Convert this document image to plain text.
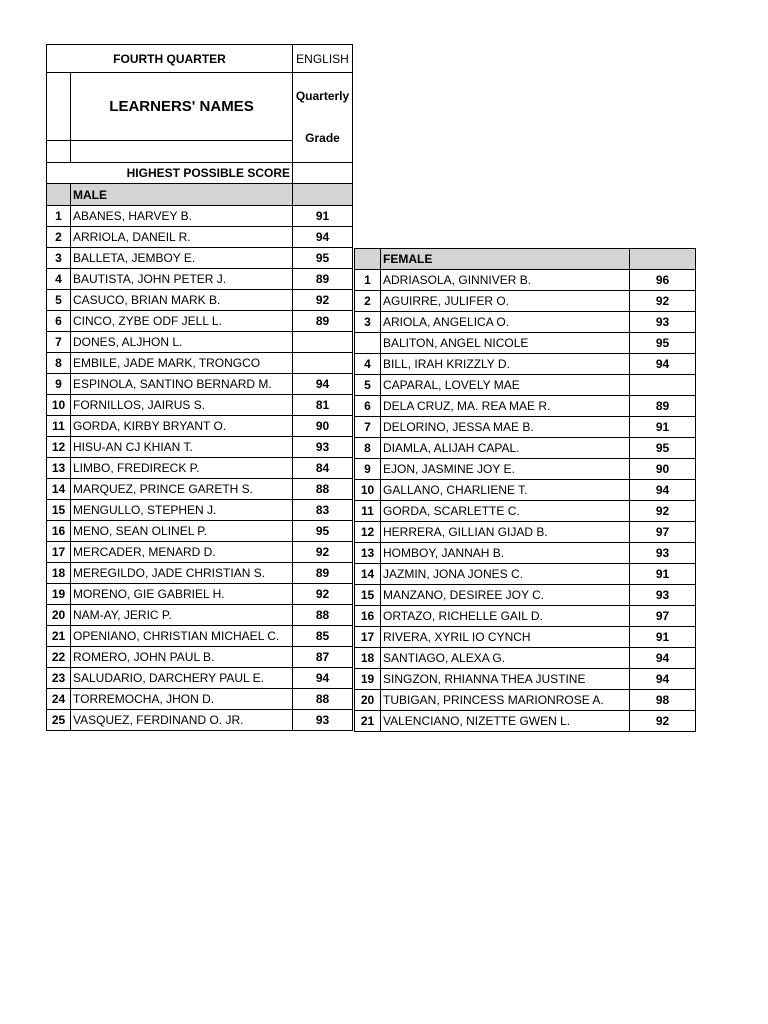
FOURTH QUARTER		ENGLISH
	LEARNERS' NAMES	Quarterly
Grade

HIGHEST POSSIBLE SCORE		
	MALE	
1	ABANES, HARVEY B.	91
2	ARRIOLA, DANEIL R.	94
3	BALLETA, JEMBOY E.	95
4	BAUTISTA, JOHN PETER J.	89
5	CASUCO, BRIAN MARK B.	92
6	CINCO, ZYBE ODF JELL L.	89
7	DONES, ALJHON L.	
8	EMBILE, JADE MARK, TRONGCO	
9	ESPINOLA, SANTINO BERNARD M.	94
10	FORNILLOS, JAIRUS S.	81
11	GORDA, KIRBY BRYANT O.	90
12	HISU-AN CJ KHIAN T.	93
13	LIMBO, FREDIRECK P.	84
14	MARQUEZ, PRINCE GARETH S.	88
15	MENGULLO, STEPHEN J.	83
16	MENO, SEAN OLINEL P.	95
17	MERCADER, MENARD D.	92
18	MEREGILDO, JADE CHRISTIAN S.	89
19	MORENO, GIE GABRIEL H.	92
20	NAM-AY, JERIC P.	88
21	OPENIANO, CHRISTIAN MICHAEL C.	85
22	ROMERO, JOHN PAUL B.	87
23	SALUDARIO, DARCHERY PAUL E.	94
24	TORREMOCHA, JHON D.	88
25	VASQUEZ, FERDINAND O. JR.	93
	FEMALE	
1	ADRIASOLA, GINNIVER B.	96
2	AGUIRRE, JULIFER O.	92
3	ARIOLA, ANGELICA O.	93
	BALITON, ANGEL NICOLE	95
4	BILL, IRAH KRIZZLY D.	94
5	CAPARAL, LOVELY MAE	
6	DELA CRUZ, MA. REA MAE R.	89
7	DELORINO, JESSA MAE B.	91
8	DIAMLA, ALIJAH CAPAL.	95
9	EJON, JASMINE JOY E.	90
10	GALLANO, CHARLIENE T.	94
11	GORDA, SCARLETTE C.	92
12	HERRERA, GILLIAN GIJAD B.	97
13	HOMBOY, JANNAH B.	93
14	JAZMIN, JONA JONES C.	91
15	MANZANO, DESIREE JOY C.	93
16	ORTAZO, RICHELLE GAIL D.	97
17	RIVERA, XYRIL IO CYNCH	91
18	SANTIAGO, ALEXA G.	94
19	SINGZON, RHIANNA THEA JUSTINE	94
20	TUBIGAN, PRINCESS MARIONROSE A.	98
21	VALENCIANO, NIZETTE GWEN L.	92
